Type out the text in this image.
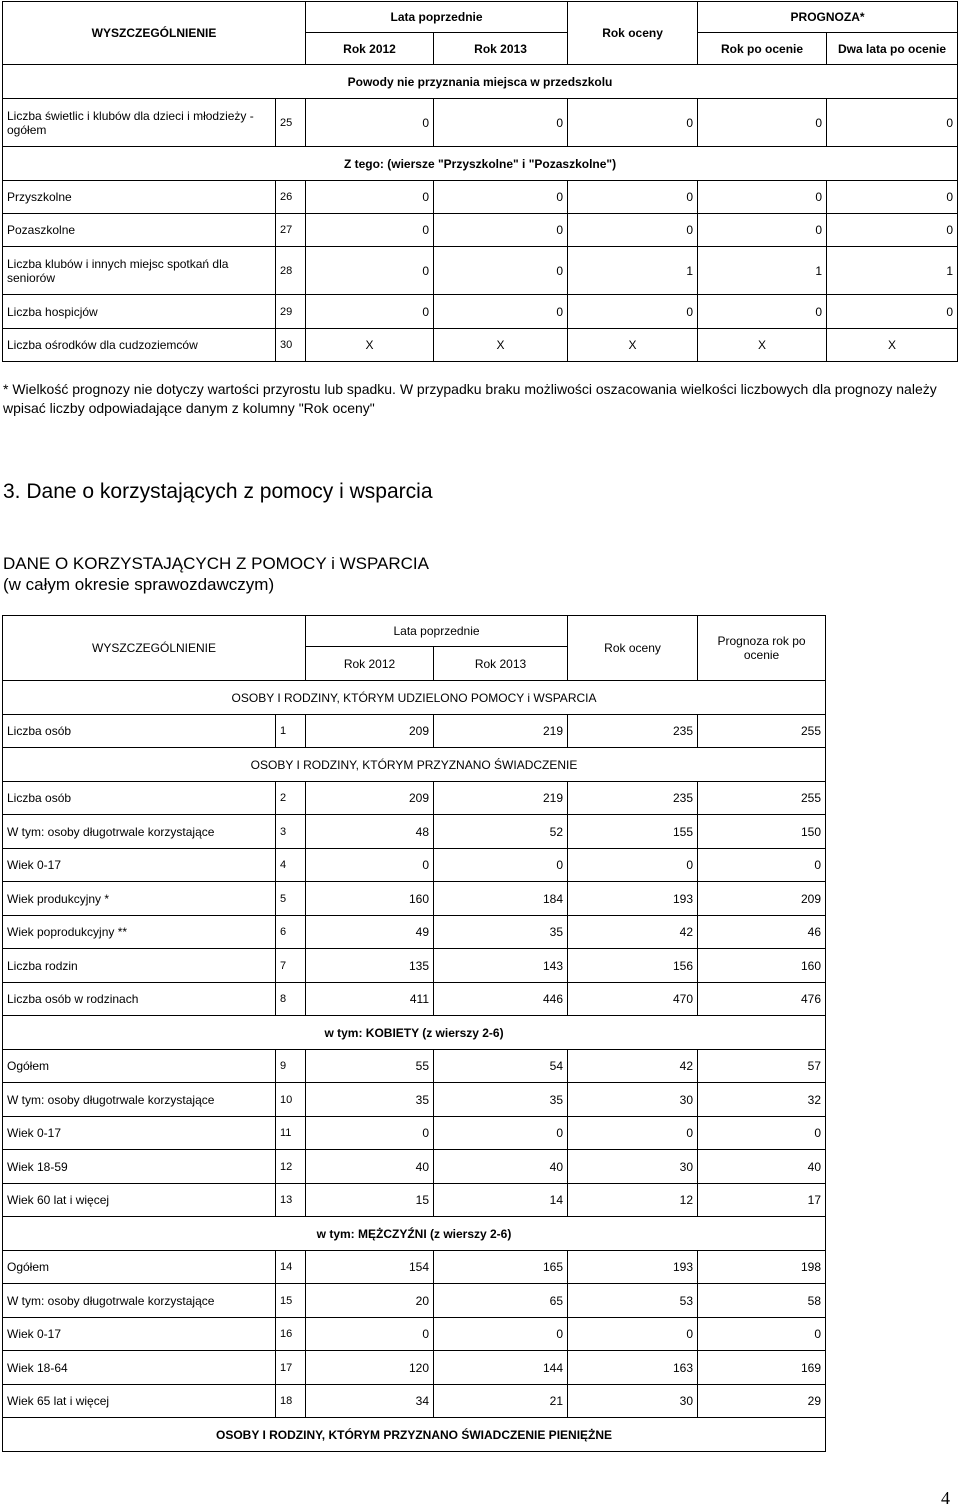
WYSZCZEGÓLNIENIE		Lata poprzednie		Rok oceny	PROGNOZA*	
		Rok 2012	Rok 2013		Rok po ocenie	Dwa lata po ocenie
Powody nie przyznania miejsca w przedszkolu						
Liczba świetlic i klubów dla dzieci i młodzieży - ogółem	25	0	0	0	0	0
Z tego: (wiersze "Przyszkolne" i "Pozaszkolne")						
Przyszkolne	26	0	0	0	0	0
Pozaszkolne	27	0	0	0	0	0
Liczba klubów i innych miejsc spotkań dla seniorów	28	0	0	1	1	1
Liczba hospicjów	29	0	0	0	0	0
Liczba ośrodków dla cudzoziemców	30	X	X	X	X	X
* Wielkość prognozy nie dotyczy wartości przyrostu lub spadku. W przypadku braku możliwości oszacowania wielkości liczbowych dla prognozy należy wpisać liczby odpowiadające danym z kolumny "Rok oceny"
3. Dane o korzystających z pomocy i wsparcia
DANE O KORZYSTAJĄCYCH Z POMOCY i WSPARCIA
(w całym okresie sprawozdawczym)
WYSZCZEGÓLNIENIE		Lata poprzednie		Rok oceny	Prognoza rok po ocenie
		Rok 2012	Rok 2013		
OSOBY I RODZINY, KTÓRYM UDZIELONO POMOCY i WSPARCIA					
Liczba osób	1	209	219	235	255
OSOBY I RODZINY, KTÓRYM PRZYZNANO ŚWIADCZENIE					
Liczba osób	2	209	219	235	255
W tym: osoby długotrwale korzystające	3	48	52	155	150
Wiek 0-17	4	0	0	0	0
Wiek produkcyjny *	5	160	184	193	209
Wiek poprodukcyjny **	6	49	35	42	46
Liczba rodzin	7	135	143	156	160
Liczba osób w rodzinach	8	411	446	470	476
w tym: KOBIETY (z wierszy 2-6)					
Ogółem	9	55	54	42	57
W tym: osoby długotrwale korzystające	10	35	35	30	32
Wiek 0-17	11	0	0	0	0
Wiek 18-59	12	40	40	30	40
Wiek 60 lat i więcej	13	15	14	12	17
w tym: MĘŻCZYŹNI (z wierszy 2-6)					
Ogółem	14	154	165	193	198
W tym: osoby długotrwale korzystające	15	20	65	53	58
Wiek 0-17	16	0	0	0	0
Wiek 18-64	17	120	144	163	169
Wiek 65 lat i więcej	18	34	21	30	29
OSOBY I RODZINY, KTÓRYM PRZYZNANO ŚWIADCZENIE PIENIĘŻNE					
4
